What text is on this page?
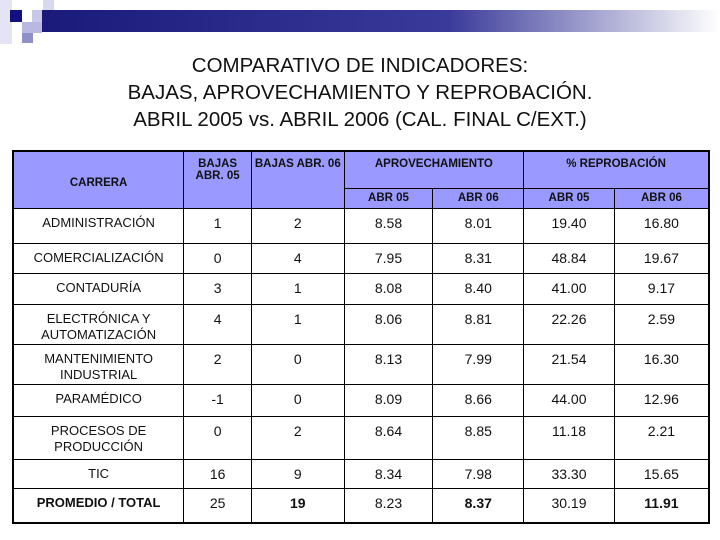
COMPARATIVO DE INDICADORES:
BAJAS, APROVECHAMIENTO Y REPROBACIÓN.
ABRIL 2005 vs. ABRIL 2006 (CAL. FINAL C/EXT.)
CARRERA	BAJAS ABR. 05	BAJAS ABR. 06	APROVECHAMIENTO		% REPROBACIÓN	
			ABR 05	ABR 06	ABR 05	ABR 06
ADMINISTRACIÓN	1	2	8.58	8.01	19.40	16.80
COMERCIALIZACIÓN	0	4	7.95	8.31	48.84	19.67
CONTADURÍA	3	1	8.08	8.40	41.00	9.17
ELECTRÓNICA Y AUTOMATIZACIÓN	4	1	8.06	8.81	22.26	2.59
MANTENIMIENTO INDUSTRIAL	2	0	8.13	7.99	21.54	16.30
PARAMÉDICO	-1	0	8.09	8.66	44.00	12.96
PROCESOS DE PRODUCCIÓN	0	2	8.64	8.85	11.18	2.21
TIC	16	9	8.34	7.98	33.30	15.65
PROMEDIO / TOTAL	25	19	8.23	8.37	30.19	11.91
